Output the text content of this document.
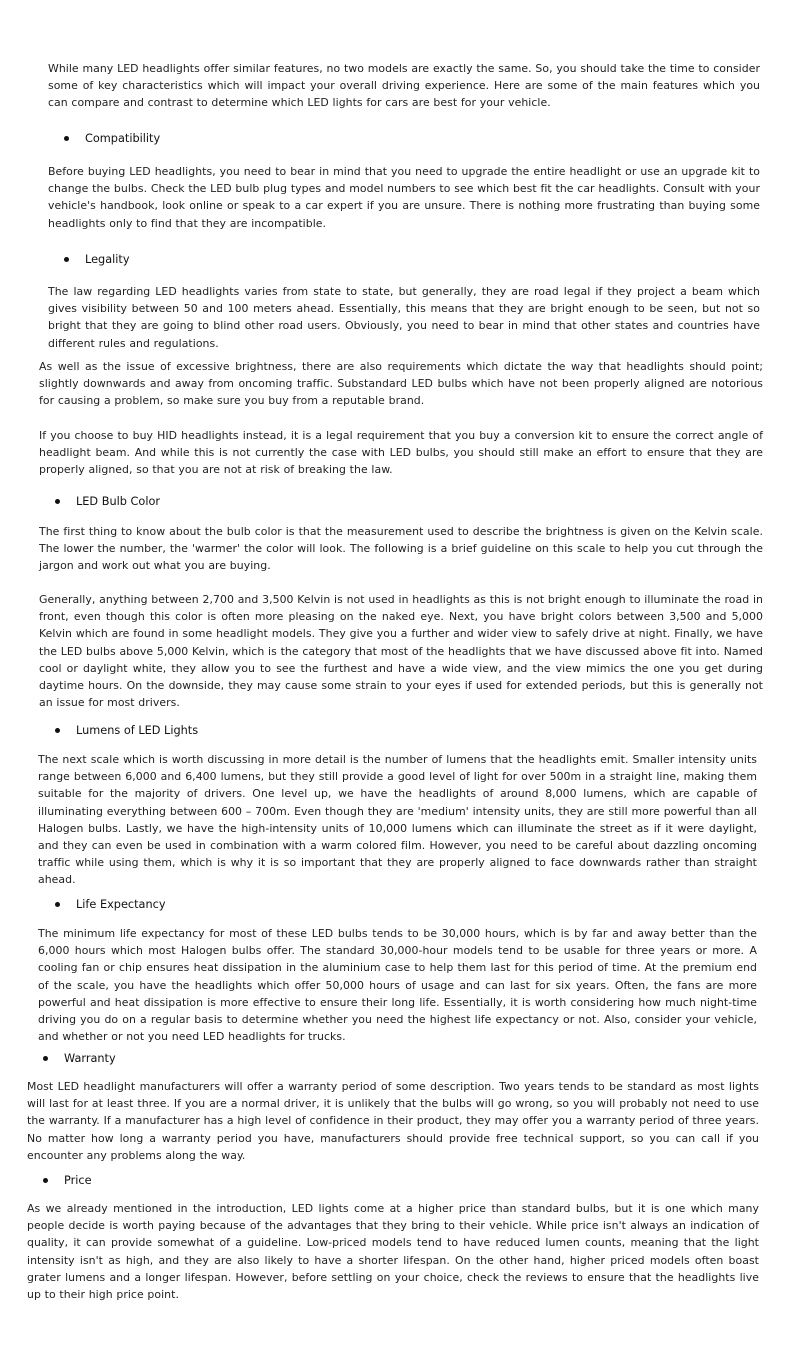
While many LED headlights offer similar features, no two models are exactly the same. So, you should take the time to consider some of key characteristics which will impact your overall driving experience. Here are some of the main features which you can compare and contrast to determine which LED lights for cars are best for your vehicle.

Compatibility

Before buying LED headlights, you need to bear in mind that you need to upgrade the entire headlight or use an upgrade kit to change the bulbs. Check the LED bulb plug types and model numbers to see which best fit the car headlights. Consult with your vehicle's handbook, look online or speak to a car expert if you are unsure. There is nothing more frustrating than buying some headlights only to find that they are incompatible.

Legality

The law regarding LED headlights varies from state to state, but generally, they are road legal if they project a beam which gives visibility between 50 and 100 meters ahead. Essentially, this means that they are bright enough to be seen, but not so bright that they are going to blind other road users. Obviously, you need to bear in mind that other states and countries have different rules and regulations.

As well as the issue of excessive brightness, there are also requirements which dictate the way that headlights should point; slightly downwards and away from oncoming traffic. Substandard LED bulbs which have not been properly aligned are notorious for causing a problem, so make sure you buy from a reputable brand.

If you choose to buy HID headlights instead, it is a legal requirement that you buy a conversion kit to ensure the correct angle of headlight beam. And while this is not currently the case with LED bulbs, you should still make an effort to ensure that they are properly aligned, so that you are not at risk of breaking the law.

LED Bulb Color

The first thing to know about the bulb color is that the measurement used to describe the brightness is given on the Kelvin scale. The lower the number, the 'warmer' the color will look. The following is a brief guideline on this scale to help you cut through the jargon and work out what you are buying.

Generally, anything between 2,700 and 3,500 Kelvin is not used in headlights as this is not bright enough to illuminate the road in front, even though this color is often more pleasing on the naked eye. Next, you have bright colors between 3,500 and 5,000 Kelvin which are found in some headlight models. They give you a further and wider view to safely drive at night. Finally, we have the LED bulbs above 5,000 Kelvin, which is the category that most of the headlights that we have discussed above fit into. Named cool or daylight white, they allow you to see the furthest and have a wide view, and the view mimics the one you get during daytime hours. On the downside, they may cause some strain to your eyes if used for extended periods, but this is generally not an issue for most drivers.

Lumens of LED Lights

The next scale which is worth discussing in more detail is the number of lumens that the headlights emit. Smaller intensity units range between 6,000 and 6,400 lumens, but they still provide a good level of light for over 500m in a straight line, making them suitable for the majority of drivers. One level up, we have the headlights of around 8,000 lumens, which are capable of illuminating everything between 600 – 700m. Even though they are 'medium' intensity units, they are still more powerful than all Halogen bulbs. Lastly, we have the high-intensity units of 10,000 lumens which can illuminate the street as if it were daylight, and they can even be used in combination with a warm colored film. However, you need to be careful about dazzling oncoming traffic while using them, which is why it is so important that they are properly aligned to face downwards rather than straight ahead.

Life Expectancy

The minimum life expectancy for most of these LED bulbs tends to be 30,000 hours, which is by far and away better than the 6,000 hours which most Halogen bulbs offer. The standard 30,000-hour models tend to be usable for three years or more. A cooling fan or chip ensures heat dissipation in the aluminium case to help them last for this period of time. At the premium end of the scale, you have the headlights which offer 50,000 hours of usage and can last for six years. Often, the fans are more powerful and heat dissipation is more effective to ensure their long life. Essentially, it is worth considering how much night-time driving you do on a regular basis to determine whether you need the highest life expectancy or not. Also, consider your vehicle, and whether or not you need LED headlights for trucks.

Warranty

Most LED headlight manufacturers will offer a warranty period of some description. Two years tends to be standard as most lights will last for at least three. If you are a normal driver, it is unlikely that the bulbs will go wrong, so you will probably not need to use the warranty. If a manufacturer has a high level of confidence in their product, they may offer you a warranty period of three years. No matter how long a warranty period you have, manufacturers should provide free technical support, so you can call if you encounter any problems along the way.

Price

As we already mentioned in the introduction, LED lights come at a higher price than standard bulbs, but it is one which many people decide is worth paying because of the advantages that they bring to their vehicle. While price isn't always an indication of quality, it can provide somewhat of a guideline. Low-priced models tend to have reduced lumen counts, meaning that the light intensity isn't as high, and they are also likely to have a shorter lifespan. On the other hand, higher priced models often boast grater lumens and a longer lifespan. However, before settling on your choice, check the reviews to ensure that the headlights live up to their high price point.
